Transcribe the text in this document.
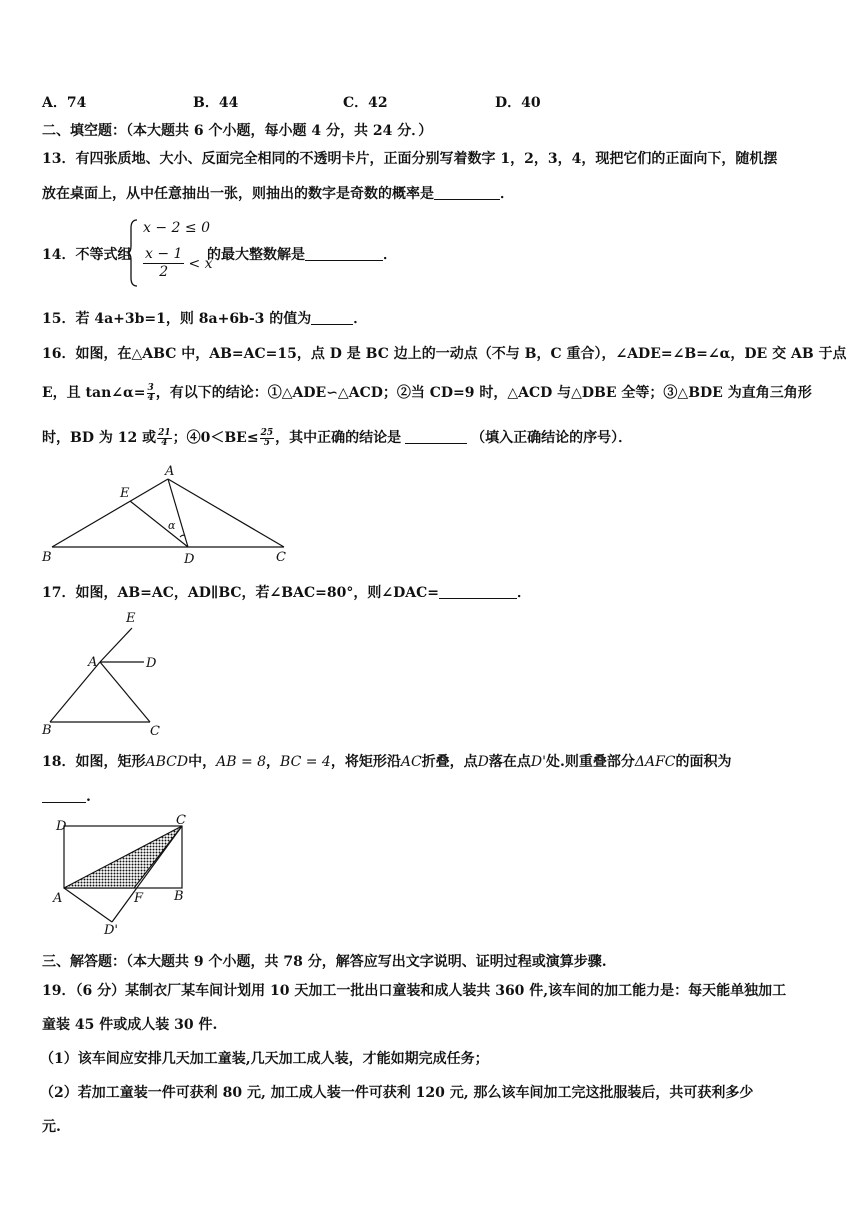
A．74	B．44	C．42	D．40
二、填空题：（本大题共 6 个小题，每小题 4 分，共 24 分．）
13．有四张质地、大小、反面完全相同的不透明卡片，正面分别写着数字 1，2，3，4，现把它们的正面向下，随机摆
放在桌面上，从中任意抽出一张，则抽出的数字是奇数的概率是	．
14．不等式组
x − 2 ≤ 0
$\frac{x - 1}{2} < x$
的最大整数解是	．
15．若 4a+3b=1，则 8a+6b-3 的值为	．
16．如图，在△ABC 中，AB=AC=15，点 D 是 BC 边上的一动点（不与 B，C 重合），∠ADE=∠B=∠α，DE 交 AB 于点
E，且 tan∠α= $\frac{3}{4}$ ，有以下的结论：①△ADE∽△ACD；②当 CD=9 时，△ACD 与△DBE 全等；③△BDE 为直角三角形
时，BD 为 12 或 $\frac{21}{4}$ ；④0＜BE≤ $\frac{25}{5}$ ，其中正确的结论是	（填入正确结论的序号）．
A
E
B	D	C
α
17．如图，AB=AC，AD∥BC，若∠BAC=80°，则∠DAC=	．
E
A	D
B	C
18．如图，矩形ABCD中，AB = 8，BC = 4，将矩形沿AC折叠，点D落在点D'处.则重叠部分ΔAFC的面积为
.
D	C
A	F B
D'
三、解答题：（本大题共 9 个小题，共 78 分，解答应写出文字说明、证明过程或演算步骤.
19．（6 分）某制衣厂某车间计划用 10 天加工一批出口童装和成人装共 360 件,该车间的加工能力是：每天能单独加工
童装 45 件或成人装 30 件.
（1）该车间应安排几天加工童装,几天加工成人装，才能如期完成任务；
（2）若加工童装一件可获利 80 元, 加工成人装一件可获利 120 元, 那么该车间加工完这批服装后，共可获利多少
元.
